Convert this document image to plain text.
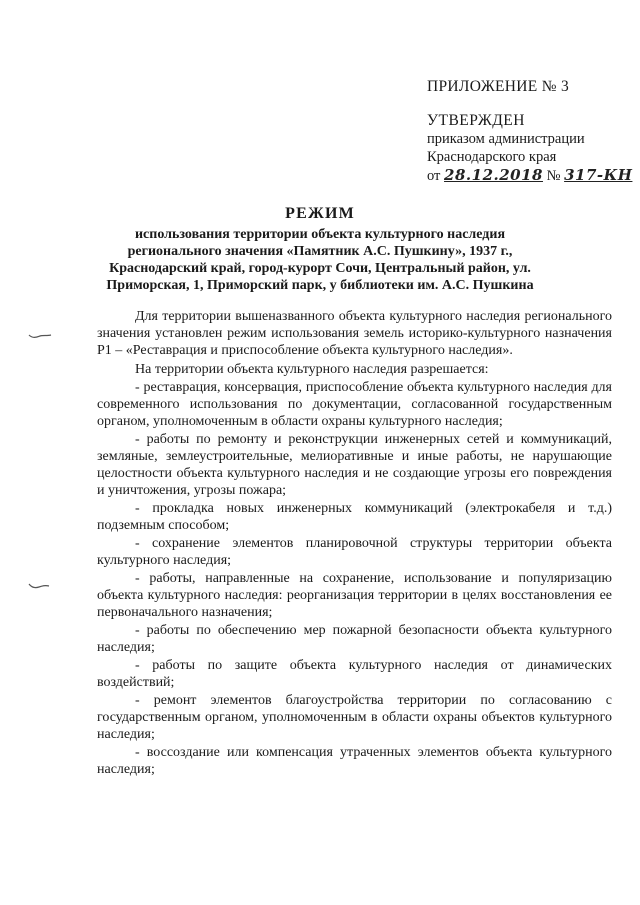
ПРИЛОЖЕНИЕ № 3
УТВЕРЖДЕН
приказом администрации
Краснодарского края
от 28.12.2018 № 317-КН
РЕЖИМ
использования территории объекта культурного наследия регионального значения «Памятник А.С. Пушкину», 1937 г., Краснодарский край, город-курорт Сочи, Центральный район, ул. Приморская, 1, Приморский парк, у библиотеки им. А.С. Пушкина

Для территории вышеназванного объекта культурного наследия регионального значения установлен режим использования земель историко-культурного назначения Р1 – «Реставрация и приспособление объекта культурного наследия».

На территории объекта культурного наследия разрешается:

- реставрация, консервация, приспособление объекта культурного наследия для современного использования по документации, согласованной государственным органом, уполномоченным в области охраны культурного наследия;

- работы по ремонту и реконструкции инженерных сетей и коммуникаций, земляные, землеустроительные, мелиоративные и иные работы, не нарушающие целостности объекта культурного наследия и не создающие угрозы его повреждения и уничтожения, угрозы пожара;

- прокладка новых инженерных коммуникаций (электрокабеля и т.д.) подземным способом;

- сохранение элементов планировочной структуры территории объекта культурного наследия;

- работы, направленные на сохранение, использование и популяризацию объекта культурного наследия: реорганизация территории в целях восстановления ее первоначального назначения;

- работы по обеспечению мер пожарной безопасности объекта культурного наследия;

- работы по защите объекта культурного наследия от динамических воздействий;

- ремонт элементов благоустройства территории по согласованию с государственным органом, уполномоченным в области охраны объектов культурного наследия;

- воссоздание или компенсация утраченных элементов объекта культурного наследия;
